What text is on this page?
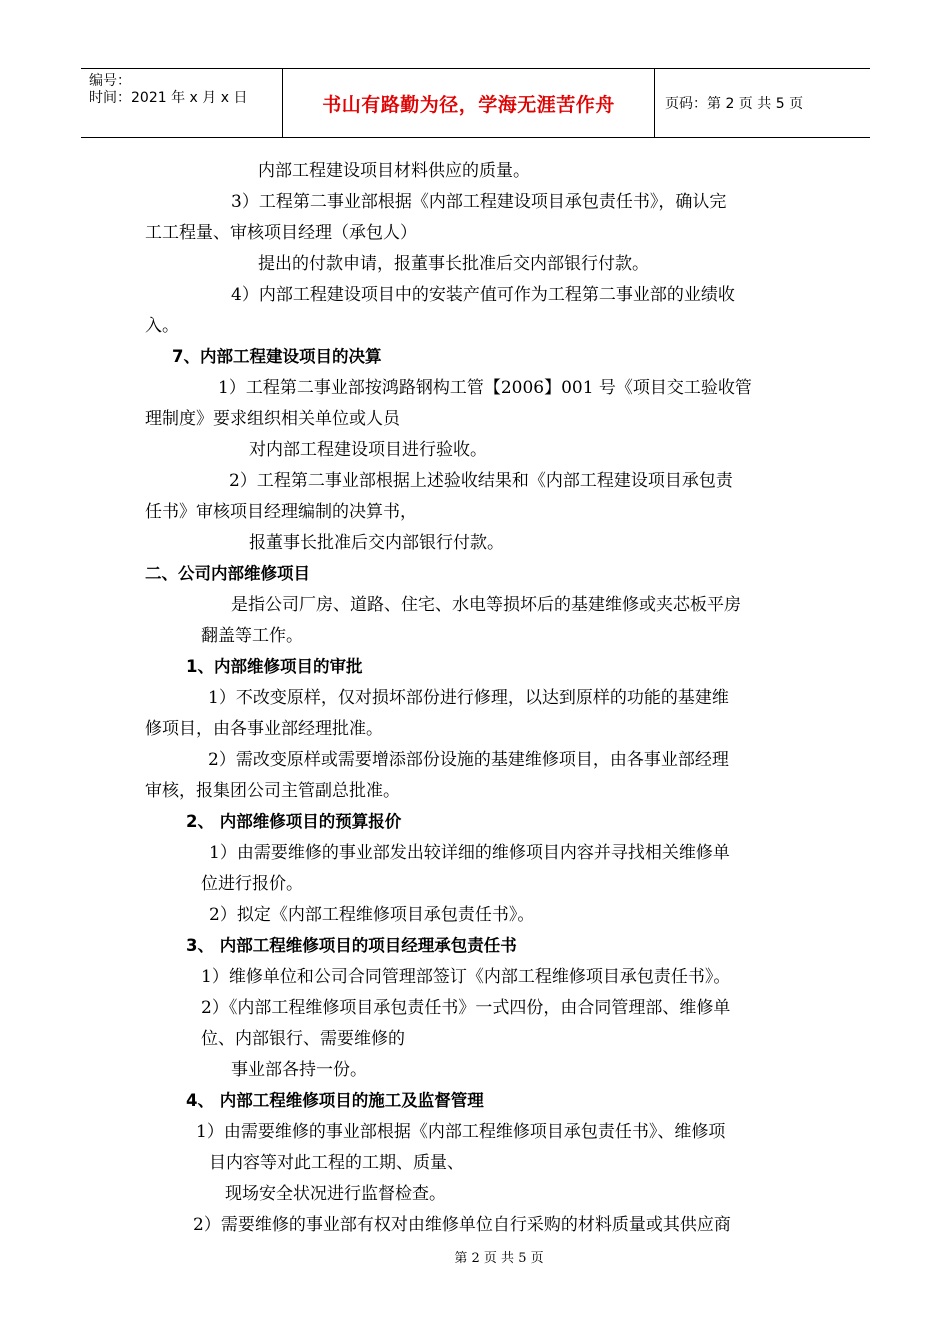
编号：
时间：2021 年 x 月 x 日	书山有路勤为径，学海无涯苦作舟	页码：第 2 页 共 5 页
内部工程建设项目材料供应的质量。
3）工程第二事业部根据《内部工程建设项目承包责任书》，确认完
工工程量、审核项目经理（承包人）
提出的付款申请，报董事长批准后交内部银行付款。
4）内部工程建设项目中的安装产值可作为工程第二事业部的业绩收
入。
7、内部工程建设项目的决算
1）工程第二事业部按鸿路钢构工管【2006】001 号《项目交工验收管
理制度》要求组织相关单位或人员
对内部工程建设项目进行验收。
2）工程第二事业部根据上述验收结果和《内部工程建设项目承包责
任书》审核项目经理编制的决算书，
报董事长批准后交内部银行付款。
二、公司内部维修项目
是指公司厂房、道路、住宅、水电等损坏后的基建维修或夹芯板平房
翻盖等工作。
1、内部维修项目的审批
1）不改变原样，仅对损坏部份进行修理，以达到原样的功能的基建维
修项目，由各事业部经理批准。
2）需改变原样或需要增添部份设施的基建维修项目，由各事业部经理
审核，报集团公司主管副总批准。
2、 内部维修项目的预算报价
1）由需要维修的事业部发出较详细的维修项目内容并寻找相关维修单
位进行报价。
2）拟定《内部工程维修项目承包责任书》。
3、 内部工程维修项目的项目经理承包责任书
1）维修单位和公司合同管理部签订《内部工程维修项目承包责任书》。
2）《内部工程维修项目承包责任书》一式四份，由合同管理部、维修单
位、内部银行、需要维修的
事业部各持一份。
4、 内部工程维修项目的施工及监督管理
1）由需要维修的事业部根据《内部工程维修项目承包责任书》、维修项
目内容等对此工程的工期、质量、
现场安全状况进行监督检查。
2）需要维修的事业部有权对由维修单位自行采购的材料质量或其供应商
第 2 页 共 5 页
